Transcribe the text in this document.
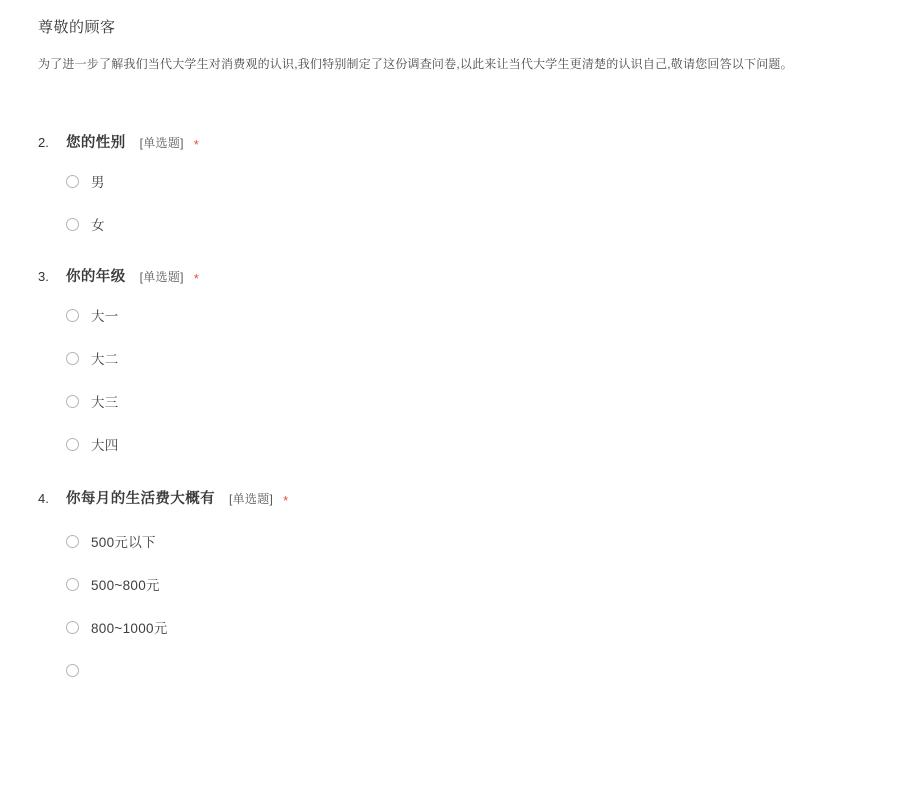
尊敬的顾客
为了进一步了解我们当代大学生对消费观的认识,我们特别制定了这份调查问卷,以此来让当代大学生更清楚的认识自己,敬请您回答以下问题。
2.	您的性别 [单选题] *
男
女
3.	你的年级 [单选题] *
大一
大二
大三
大四
4.	你每月的生活费大概有 [单选题] *
500元以下
500~800元
800~1000元
